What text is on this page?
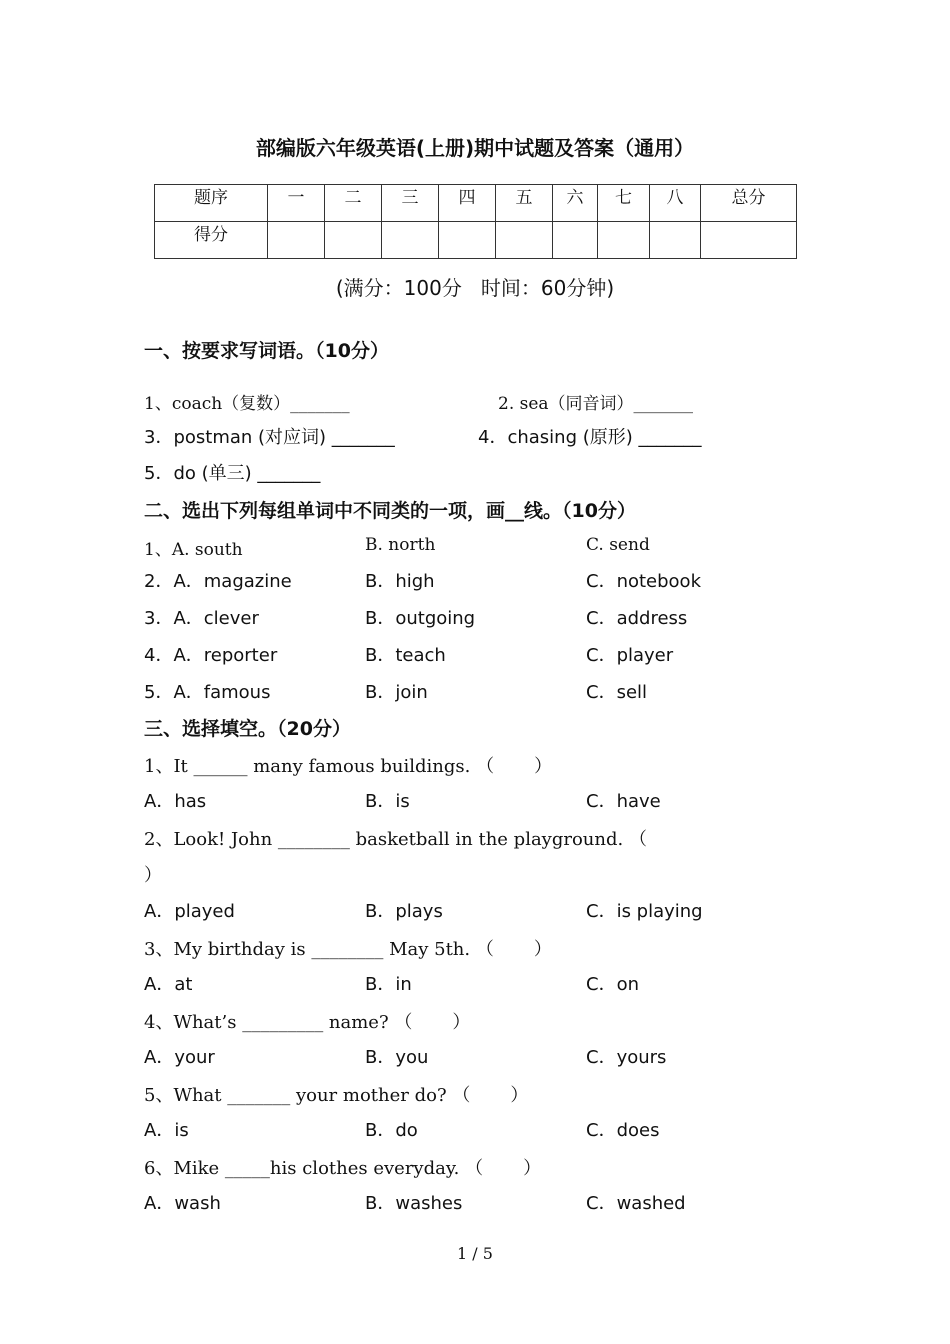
部编版六年级英语(上册)期中试题及答案（通用）
题序	一	二	三	四	五	六	七	八	总分
得分									
(满分：100分   时间：60分钟)
一、按要求写词语。（10分）
1、coach（复数）_______	2. sea（同音词）_______
3．postman (对应词) _______	4．chasing (原形) _______
5．do (单三) _______
二、选出下列每组单词中不同类的一项，画__线。（10分）
1、A. south	B. north	C. send
2．A．magazine	B．high	C．notebook
3．A．clever	B．outgoing	C．address
4．A．reporter	B．teach	C．player
5．A．famous	B．join	C．sell
三、选择填空。（20分）
1、It ______ many famous buildings. （       ）
A．has	B．is	C．have
2、Look! John ________ basketball in the playground. （
）
A．played	B．plays	C．is playing
3、My birthday is ________ May 5th. （       ）
A．at	B．in	C．on
4、What’s _________ name? （       ）
A．your	B．you	C．yours
5、What _______ your mother do? （       ）
A．is	B．do	C．does
6、Mike _____his clothes everyday. （       ）
A．wash	B．washes	C．washed
1 / 5
